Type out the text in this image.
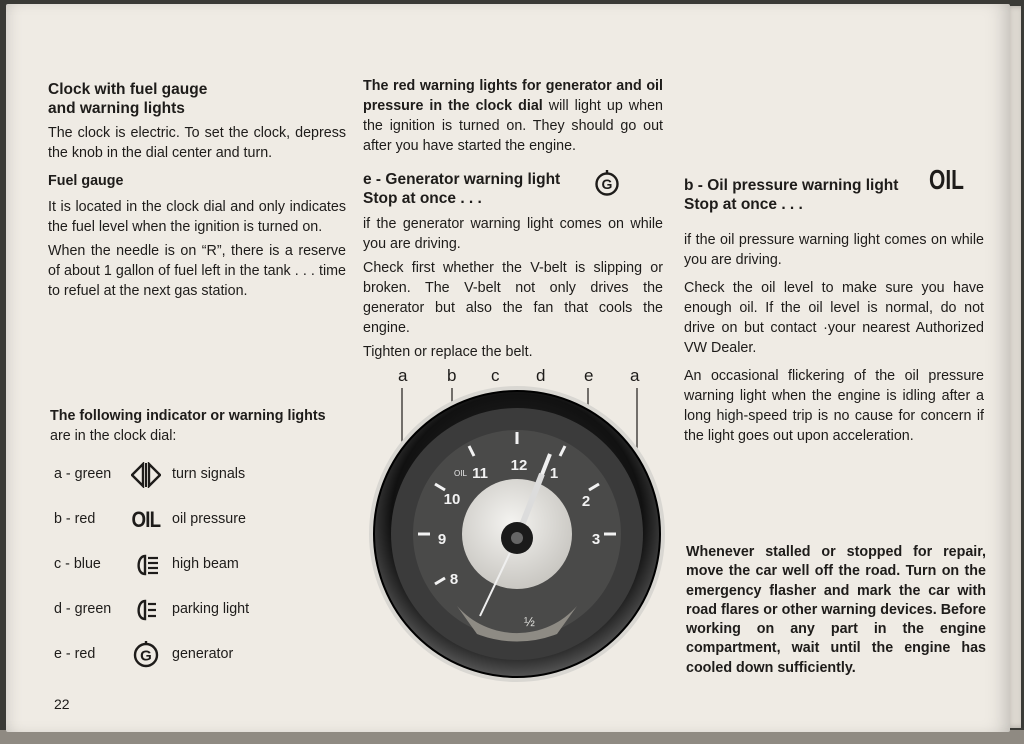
Clock with fuel gauge
and warning lights

The clock is electric. To set the clock, depress the knob in the dial center and turn.

Fuel gauge

It is located in the clock dial and only indicates the fuel level when the ignition is turned on.

When the needle is on “R”, there is a reserve of about 1 gallon of fuel left in the tank . . . time to refuel at the next gas station.

The following indicator or warning lights
are in the clock dial:
a - green	turn signals
b - red OIL oil pressure
c - blue	high beam
d - green	parking light
e - red	G generator
22

The red warning lights for generator and oil pressure in the clock dial will light up when the ignition is turned on. They should go out after you have started the engine.

e - Generator warning light
Stop at once . . .
G

if the generator warning light comes on while you are driving.

Check first whether the V-belt is slipping or broken. The V-belt not only drives the generator but also the fan that cools the engine.

Tighten or replace the belt.

a b c d e a
12 1
2
3
9
10
11
8
OIL
½
b - Oil pressure warning light	OIL
Stop at once . . .

if the oil pressure warning light comes on while you are driving.

Check the oil level to make sure you have enough oil. If the oil level is normal, do not drive on but contact ·your nearest Authorized VW Dealer.

An occasional flickering of the oil pressure warning light when the engine is idling after a long high-speed trip is no cause for concern if the light goes out upon acceleration.

Whenever stalled or stopped for repair, move the car well off the road. Turn on the emergency flasher and mark the car with road flares or other warning devices. Before working on any part in the engine compartment, wait until the engine has cooled down sufficiently.
